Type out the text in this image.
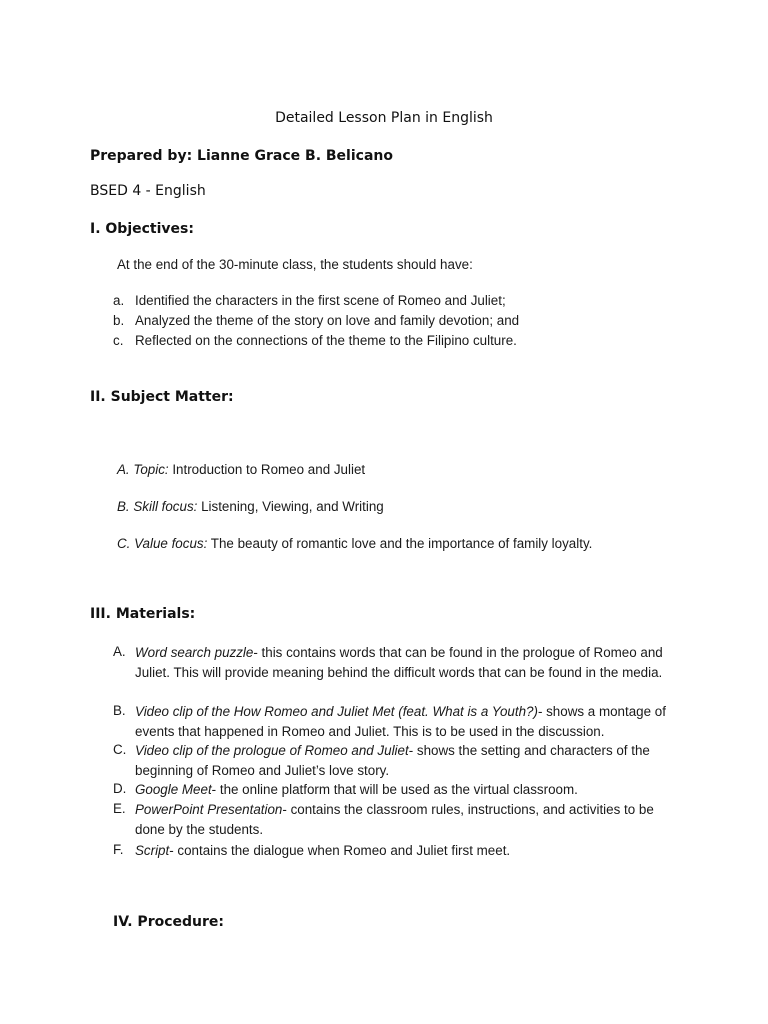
Detailed Lesson Plan in English
Prepared by: Lianne Grace B. Belicano
BSED 4 - English
I. Objectives:
At the end of the 30-minute class, the students should have:
a. Identified the characters in the first scene of Romeo and Juliet;
b. Analyzed the theme of the story on love and family devotion; and
c. Reflected on the connections of the theme to the Filipino culture.
II. Subject Matter:
A. Topic: Introduction to Romeo and Juliet
B. Skill focus: Listening, Viewing, and Writing
C. Value focus: The beauty of romantic love and the importance of family loyalty.
III. Materials:
A. Word search puzzle- this contains words that can be found in the prologue of Romeo and Juliet. This will provide meaning behind the difficult words that can be found in the media.
B. Video clip of the How Romeo and Juliet Met (feat. What is a Youth?)- shows a montage of events that happened in Romeo and Juliet. This is to be used in the discussion.
C. Video clip of the prologue of Romeo and Juliet- shows the setting and characters of the beginning of Romeo and Juliet’s love story.
D. Google Meet- the online platform that will be used as the virtual classroom.
E. PowerPoint Presentation- contains the classroom rules, instructions, and activities to be done by the students.
F. Script- contains the dialogue when Romeo and Juliet first meet.
IV. Procedure:
